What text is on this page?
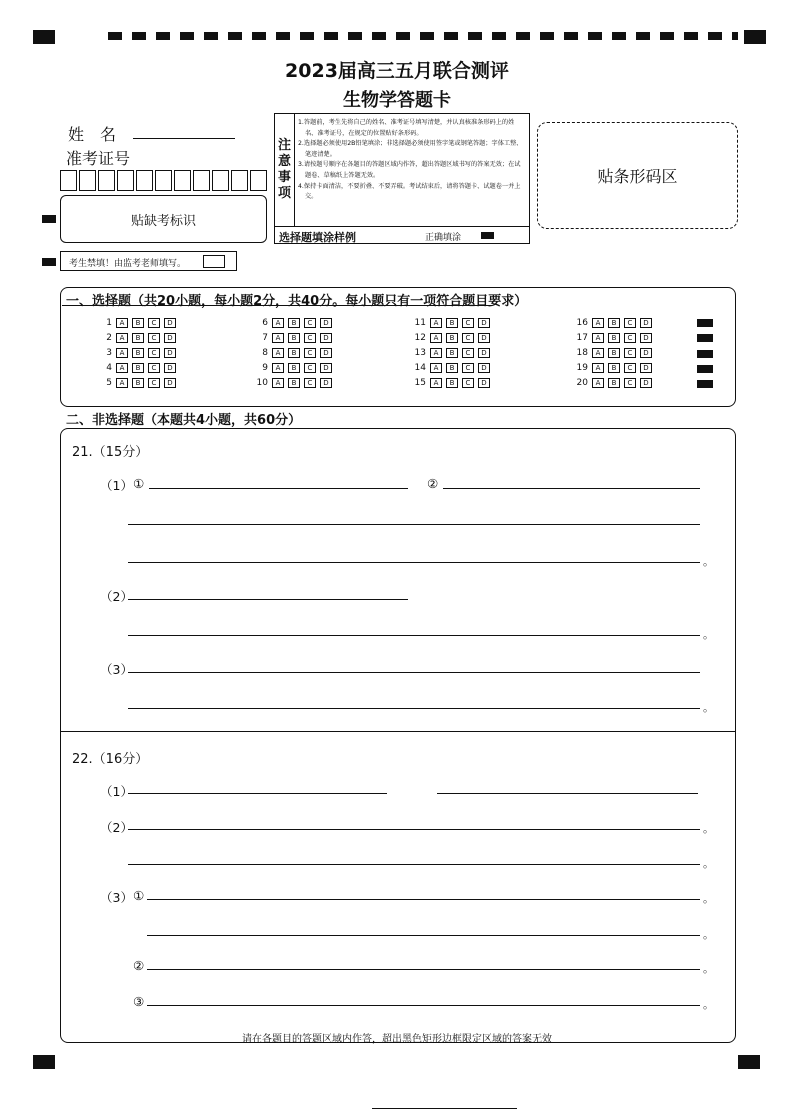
2023届高三五月联合测评
生物学答题卡
姓　名
准考证号
贴缺考标识
考生禁填！由监考老师填写。
注
意
事
项
1.答题前，考生先将自己的姓名、准考证号填写清楚，并认真核准条形码上的姓名、准考证号，在规定的位置贴好条形码。
2.选择题必须使用2B铅笔填涂；非选择题必须使用签字笔或钢笔答题；字体工整、笔迹清楚。
3.请按题号顺序在各题目的答题区域内作答，超出答题区域书写的答案无效；在试题卷、草稿纸上答题无效。
4.保持卡面清洁，不要折叠、不要弄破。考试结束后，请将答题卡、试题卷一并上交。
选择题填涂样例	正确填涂
贴条形码区
一、选择题（共20小题，每小题2分，共40分。每小题只有一项符合题目要求）
1	A	B	C	D
2	A	B	C	D
3	A	B	C	D
4	A	B	C	D
5	A	B	C	D
6	A	B	C	D
7	A	B	C	D
8	A	B	C	D
9	A	B	C	D
10	A	B	C	D
11	A	B	C	D
12	A	B	C	D
13	A	B	C	D
14	A	B	C	D
15	A	B	C	D
16	A	B	C	D
17	A	B	C	D
18	A	B	C	D
19	A	B	C	D
20	A	B	C	D
二、非选择题（本题共4小题，共60分）
21.（15分）
（1） ①	②
。
（2）
。
（3）
。
22.（16分）
（1）
（2）	。
。
（3） ①	。
。
②	。
③	。
请在各题目的答题区域内作答，超出黑色矩形边框限定区域的答案无效
